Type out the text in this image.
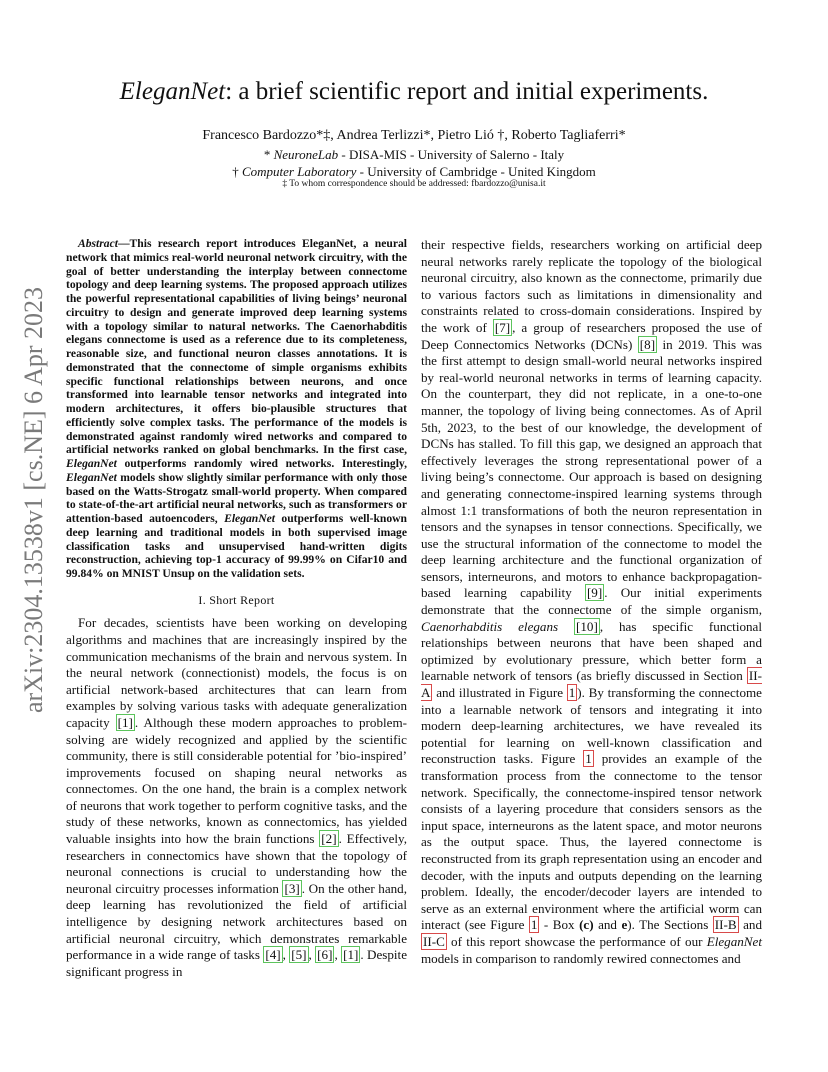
arXiv:2304.13538v1 [cs.NE] 6 Apr 2023
EleganNet: a brief scientific report and initial experiments.
Francesco Bardozzo*‡, Andrea Terlizzi*, Pietro Lió †, Roberto Tagliaferri*
* NeuroneLab - DISA-MIS - University of Salerno - Italy
† Computer Laboratory - University of Cambridge - United Kingdom
‡ To whom correspondence should be addressed: fbardozzo@unisa.it

Abstract—This research report introduces EleganNet, a neural network that mimics real-world neuronal network circuitry, with the goal of better understanding the interplay between connectome topology and deep learning systems. The proposed approach utilizes the powerful representational capabilities of living beings’ neuronal circuitry to design and generate improved deep learning systems with a topology similar to natural networks. The Caenorhabditis elegans connectome is used as a reference due to its completeness, reasonable size, and functional neuron classes annotations. It is demonstrated that the connectome of simple organisms exhibits specific functional relationships between neurons, and once transformed into learnable tensor networks and integrated into modern architectures, it offers bio-plausible structures that efficiently solve complex tasks. The performance of the models is demonstrated against randomly wired networks and compared to artificial networks ranked on global benchmarks. In the first case, EleganNet outperforms randomly wired networks. Interestingly, EleganNet models show slightly similar performance with only those based on the Watts-Strogatz small-world property. When compared to state-of-the-art artificial neural networks, such as transformers or attention-based autoencoders, EleganNet outperforms well-known deep learning and traditional models in both supervised image classification tasks and unsupervised hand-written digits reconstruction, achieving top-1 accuracy of 99.99% on Cifar10 and 99.84% on MNIST Unsup on the validation sets.

I. Short Report

For decades, scientists have been working on developing algorithms and machines that are increasingly inspired by the communication mechanisms of the brain and nervous system. In the neural network (connectionist) models, the focus is on artificial network-based architectures that can learn from examples by solving various tasks with adequate generalization capacity [1] . Although these modern approaches to problem-solving are widely recognized and applied by the scientific community, there is still considerable potential for ’bio-inspired’ improvements focused on shaping neural networks as connectomes. On the one hand, the brain is a complex network of neurons that work together to perform cognitive tasks, and the study of these networks, known as connectomics, has yielded valuable insights into how the brain functions [2] . Effectively, researchers in connectomics have shown that the topology of neuronal connections is crucial to understanding how the neuronal circuitry processes information [3] . On the other hand, deep learning has revolutionized the field of artificial intelligence by designing network architectures based on artificial neuronal circuitry, which demonstrates remarkable performance in a wide range of tasks [4] , [5] , [6] , [1] . Despite significant progress in

their respective fields, researchers working on artificial deep neural networks rarely replicate the topology of the biological neuronal circuitry, also known as the connectome, primarily due to various factors such as limitations in dimensionality and constraints related to cross-domain considerations. Inspired by the work of [7] , a group of researchers proposed the use of Deep Connectomics Networks (DCNs) [8] in 2019. This was the first attempt to design small-world neural networks inspired by real-world neuronal networks in terms of learning capacity. On the counterpart, they did not replicate, in a one-to-one manner, the topology of living being connectomes. As of April 5th, 2023, to the best of our knowledge, the development of DCNs has stalled. To fill this gap, we designed an approach that effectively leverages the strong representational power of a living being’s connectome. Our approach is based on designing and generating connectome-inspired learning systems through almost 1:1 transformations of both the neuron representation in tensors and the synapses in tensor connections. Specifically, we use the structural information of the connectome to model the deep learning architecture and the functional organization of sensors, interneurons, and motors to enhance backpropagation-based learning capability [9] . Our initial experiments demonstrate that the connectome of the simple organism, Caenorhabditis elegans [10] , has specific functional relationships between neurons that have been shaped and optimized by evolutionary pressure, which better form a learnable network of tensors (as briefly discussed in Section II-A and illustrated in Figure 1 ). By transforming the connectome into a learnable network of tensors and integrating it into modern deep-learning architectures, we have revealed its potential for learning on well-known classification and reconstruction tasks. Figure 1 provides an example of the transformation process from the connectome to the tensor network. Specifically, the connectome-inspired tensor network consists of a layering procedure that considers sensors as the input space, interneurons as the latent space, and motor neurons as the output space. Thus, the layered connectome is reconstructed from its graph representation using an encoder and decoder, with the inputs and outputs depending on the learning problem. Ideally, the encoder/decoder layers are intended to serve as an external environment where the artificial worm can interact (see Figure 1 - Box (c) and e). The Sections II-B and II-C of this report showcase the performance of our EleganNet models in comparison to randomly rewired connectomes and
